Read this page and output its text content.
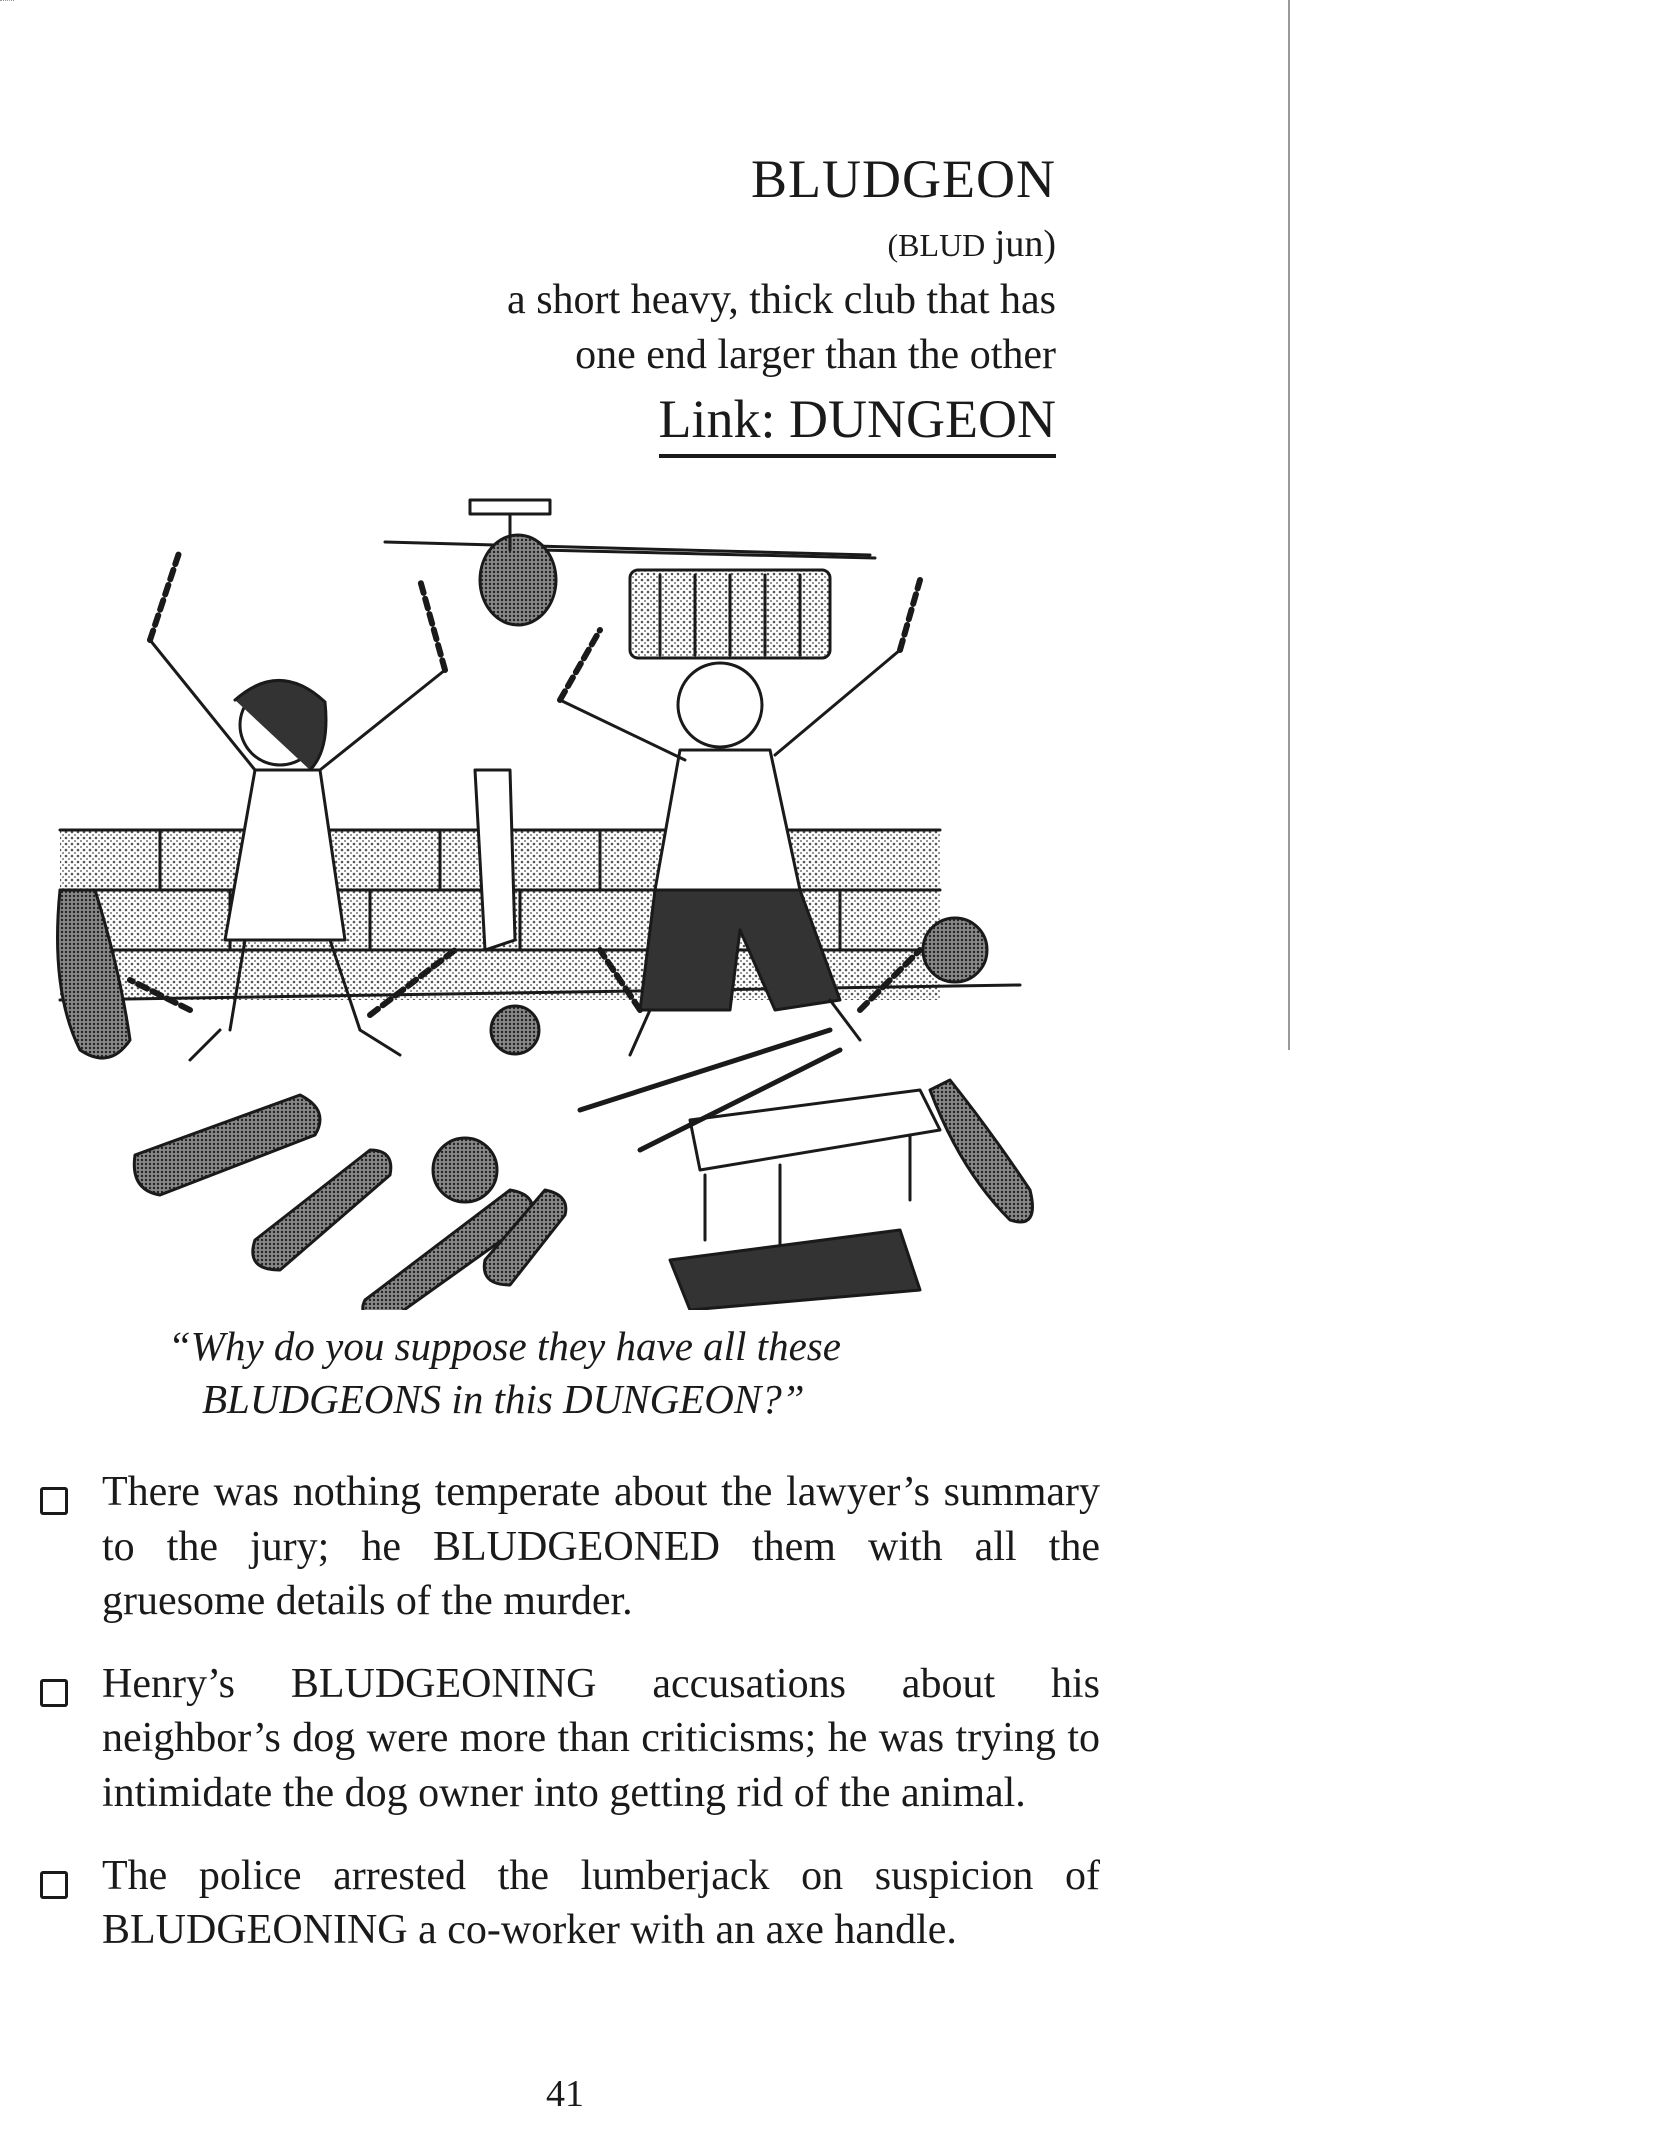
BLUDGEON
(BLUD jun)
a short heavy, thick club that has
one end larger than the other
Link: DUNGEON
“Why do you suppose they have all these
BLUDGEONS in this DUNGEON?”
There was nothing temperate about the lawyer’s summary to the jury; he BLUDGEONED them with all the gruesome details of the murder.
Henry’s BLUDGEONING accusations about his neighbor’s dog were more than criticisms; he was trying to intimidate the dog owner into getting rid of the animal.
The police arrested the lumberjack on suspicion of BLUDGEONING a co-worker with an axe handle.
41
